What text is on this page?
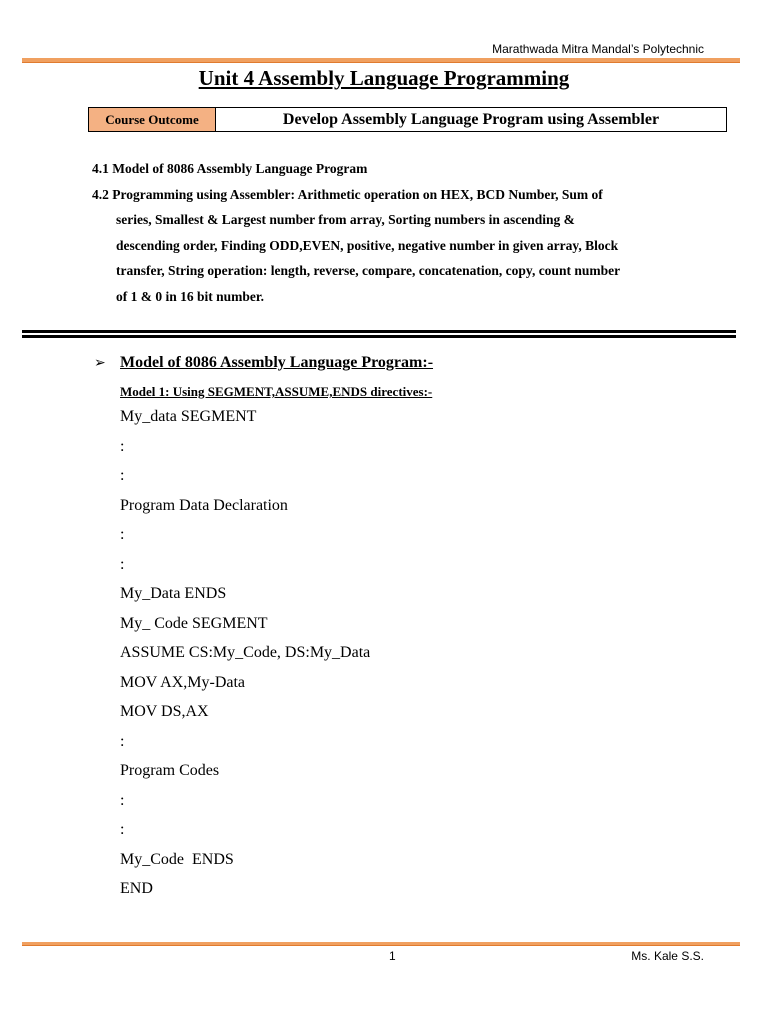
Marathwada Mitra Mandal’s Polytechnic
Unit 4 Assembly Language Programming
Course Outcome	Develop Assembly Language Program using Assembler
4.1 Model of 8086 Assembly Language Program
4.2 Programming using Assembler: Arithmetic operation on HEX, BCD Number, Sum of
series, Smallest & Largest number from array, Sorting numbers in ascending &
descending order, Finding ODD,EVEN, positive, negative number in given array, Block
transfer, String operation: length, reverse, compare, concatenation, copy, count number
of 1 & 0 in 16 bit number.
➢ Model of 8086 Assembly Language Program:-
Model 1: Using SEGMENT,ASSUME,ENDS directives:-
My_data SEGMENT
:
:
Program Data Declaration
:
:
My_Data ENDS
My_ Code SEGMENT
ASSUME CS:My_Code, DS:My_Data
MOV AX,My-Data
MOV DS,AX
:
Program Codes
:
:
My_Code  ENDS
END
1	Ms. Kale S.S.
